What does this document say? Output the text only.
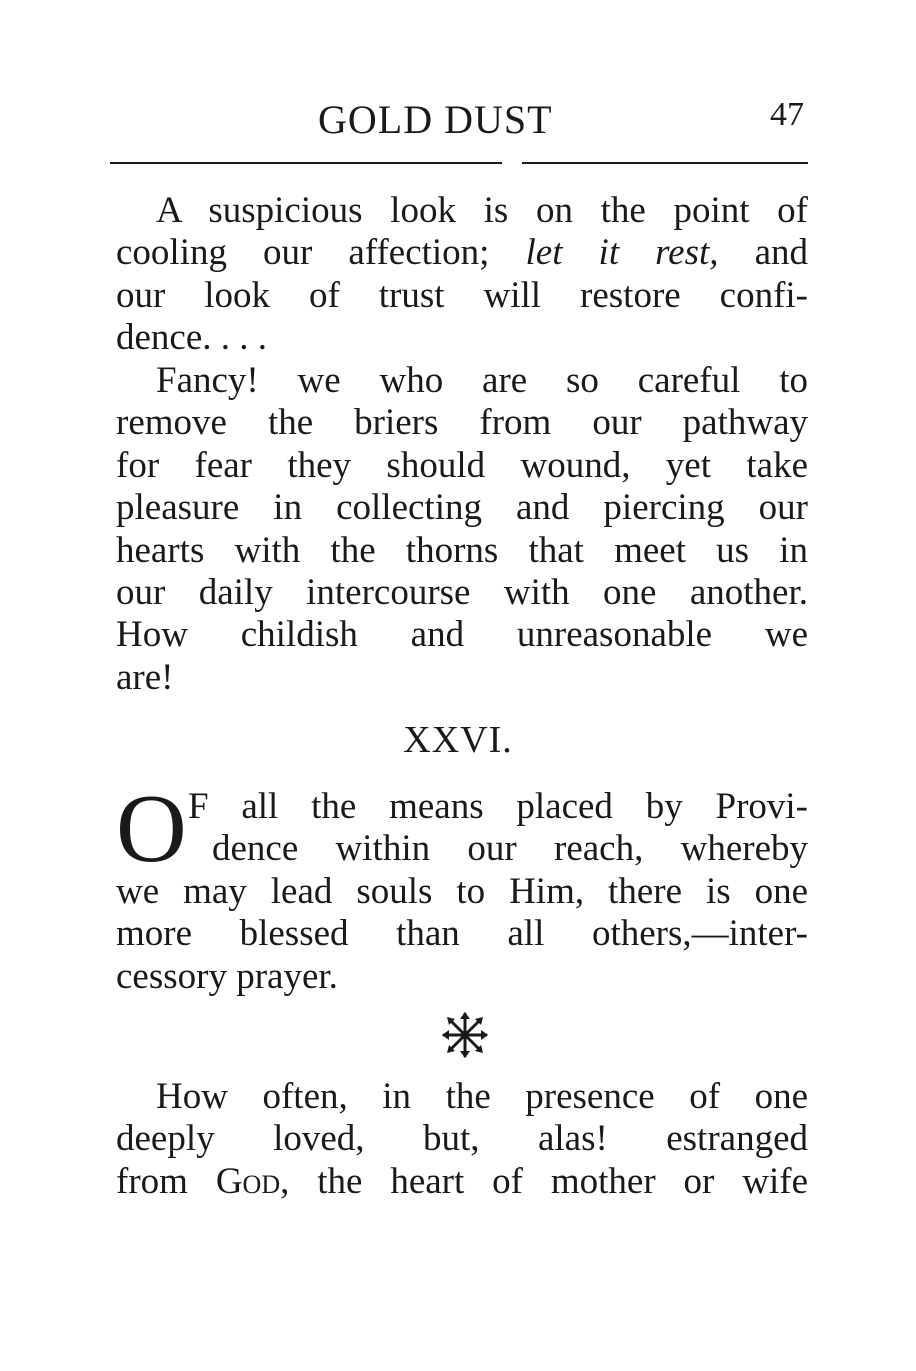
GOLD DUST	47
A suspicious look is on the point of
cooling our affection; let it rest, and
our look of trust will restore confi-
dence. . . .
Fancy! we who are so careful to
remove the briers from our pathway
for fear they should wound, yet take
pleasure in collecting and piercing our
hearts with the thorns that meet us in
our daily intercourse with one another.
How childish and unreasonable we
are!
XXVI.
O F all the means placed by Provi-
dence within our reach, whereby
we may lead souls to Him, there is one
more blessed than all others,—inter-
cessory prayer.
How often, in the presence of one
deeply loved, but, alas! estranged
from God, the heart of mother or wife
